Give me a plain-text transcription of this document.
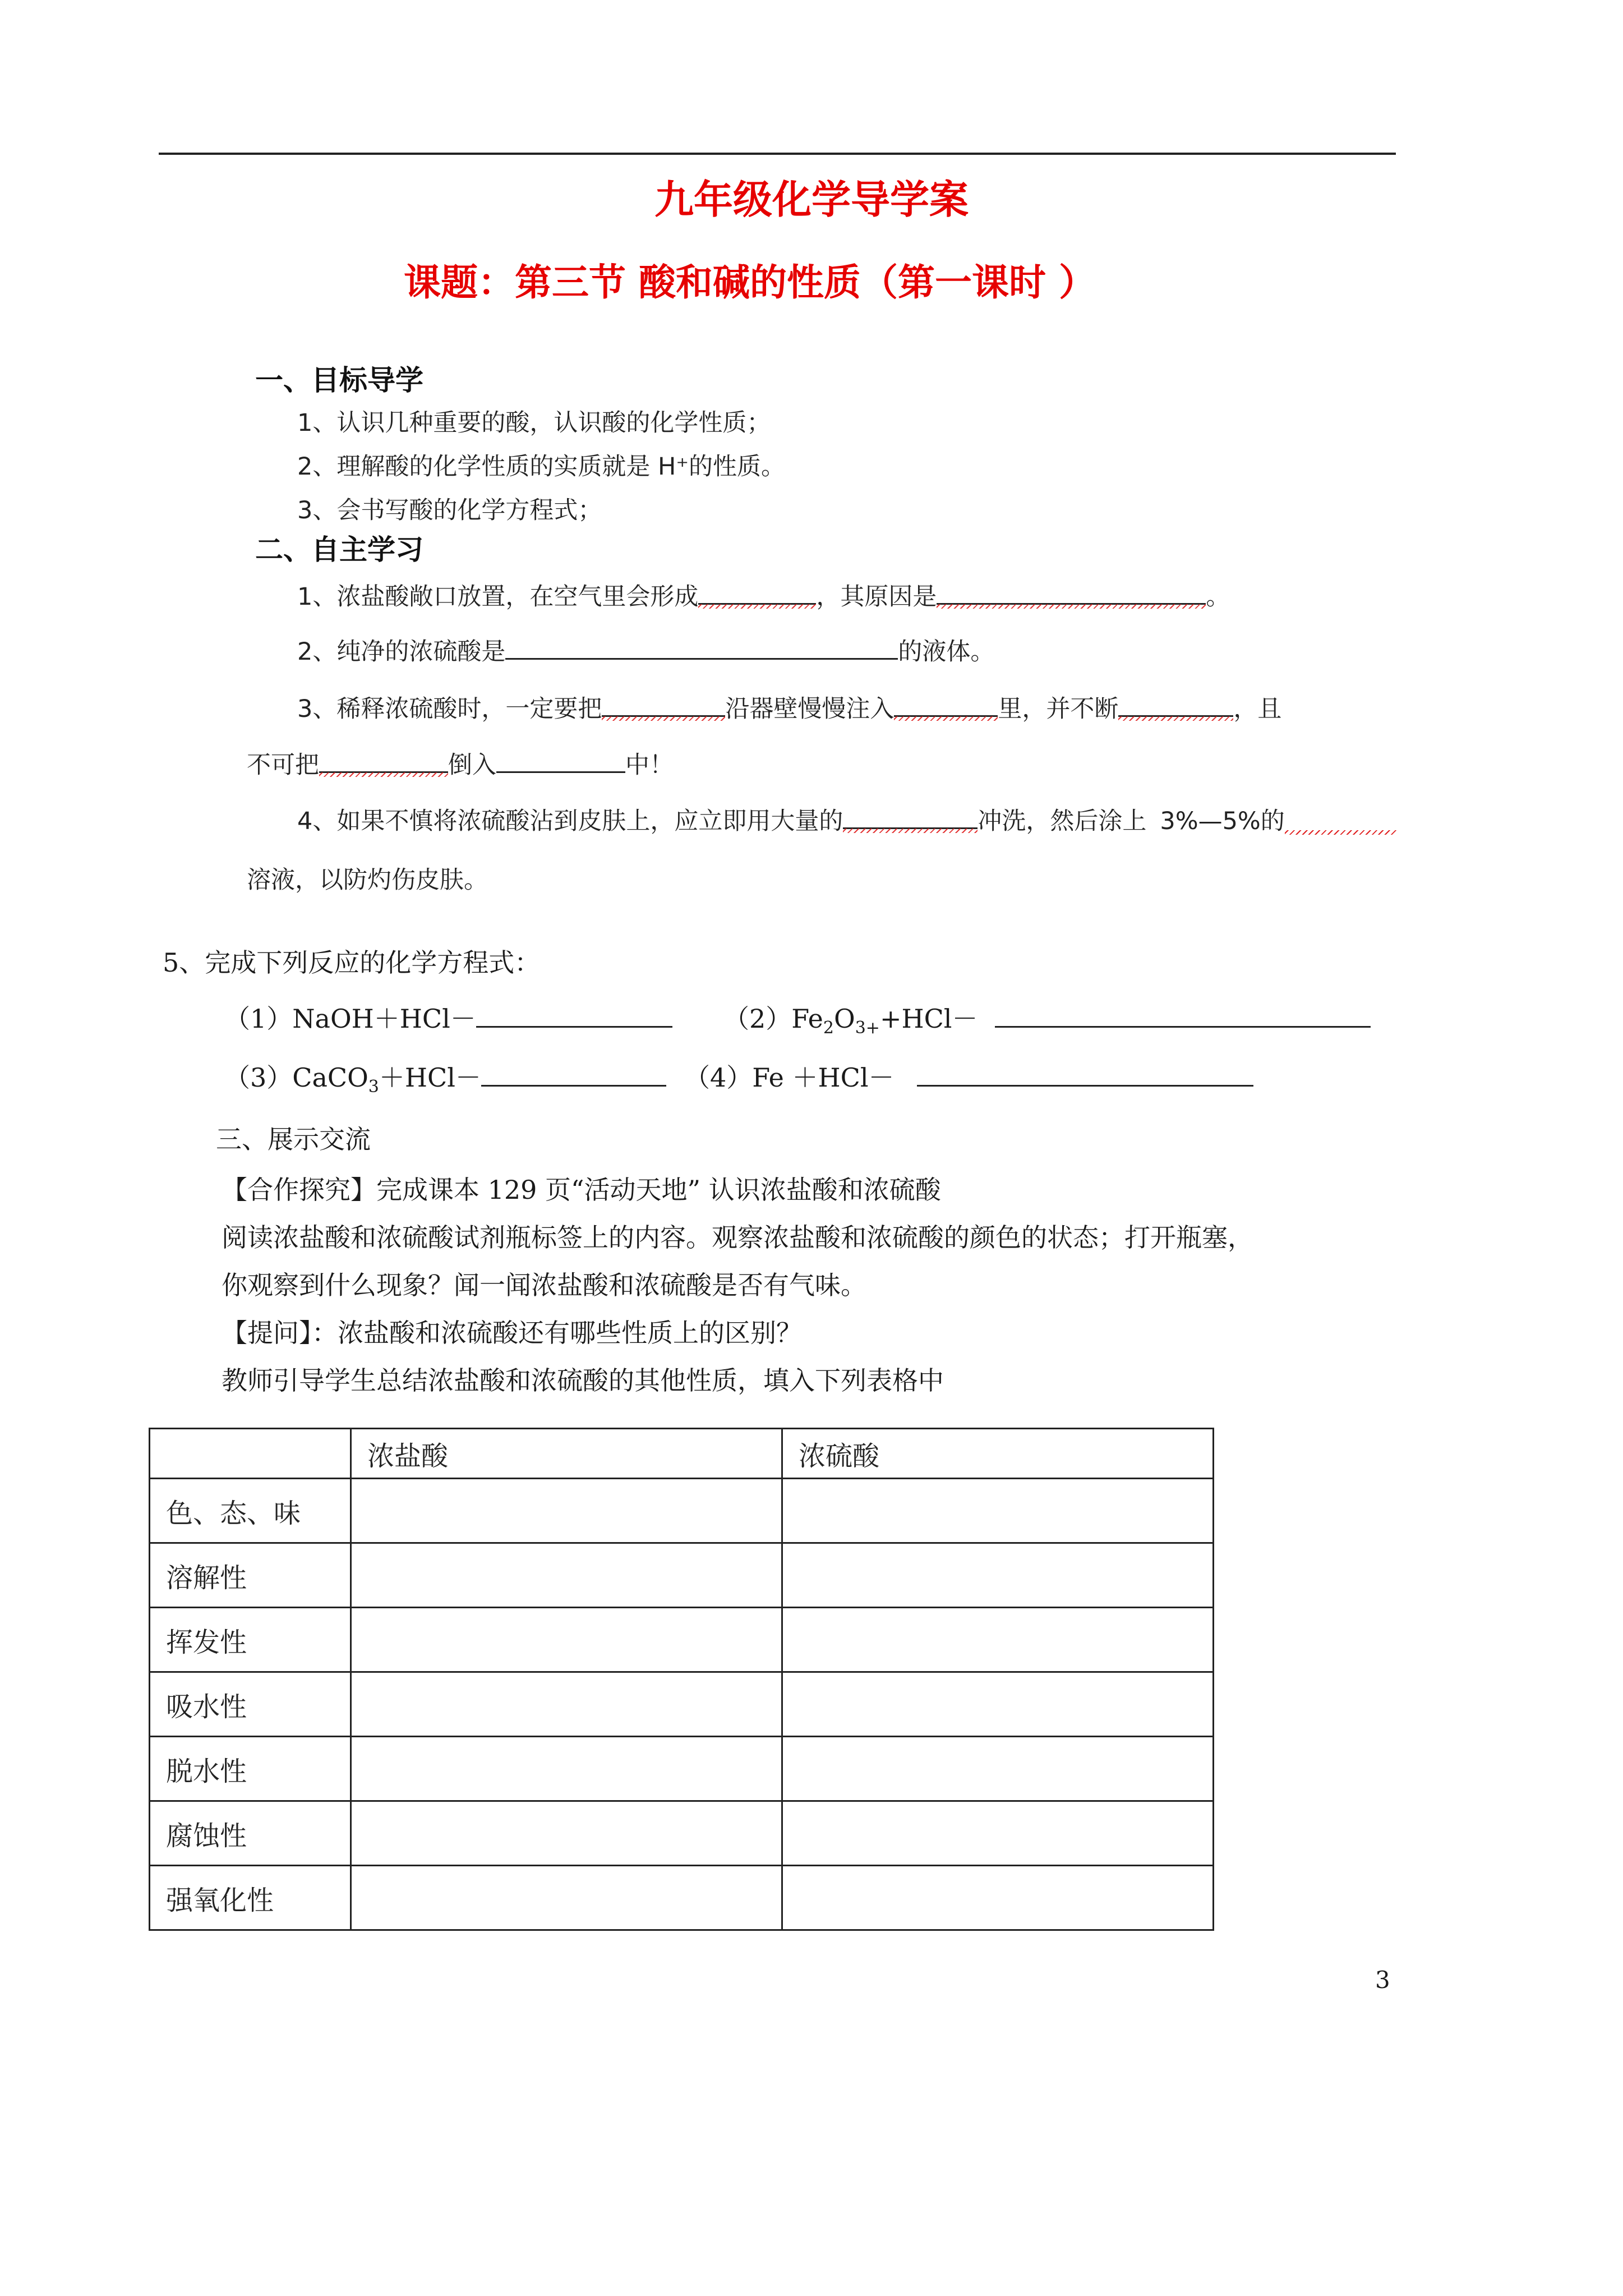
九年级化学导学案
课题：第三节 酸和碱的性质（第一课时 ）
一、目标导学
1、认识几种重要的酸，认识酸的化学性质；
2、理解酸的化学性质的实质就是 H⁺的性质。
3、会书写酸的化学方程式；
二、自主学习
1、浓盐酸敞口放置，在空气里会形成	，其原因是	。
2、纯净的浓硫酸是	的液体。
3、稀释浓硫酸时，一定要把	沿器壁慢慢注入	里，并不断	，且
不可把	倒入	中！
4、如果不慎将浓硫酸沾到皮肤上，应立即用大量的	冲洗，然后涂上 3%—5%的
溶液，以防灼伤皮肤。
5、完成下列反应的化学方程式：
（1）NaOH＋HCl－	$(2)Fe_2O_{3+}+HCl-$
（3）CaCO$_3$＋HCl－	（4）Fe ＋HCl－
三、展示交流
【合作探究】完成课本 129 页“活动天地” 认识浓盐酸和浓硫酸
阅读浓盐酸和浓硫酸试剂瓶标签上的内容。观察浓盐酸和浓硫酸的颜色的状态；打开瓶塞，
你观察到什么现象？闻一闻浓盐酸和浓硫酸是否有气味。
【提问】：浓盐酸和浓硫酸还有哪些性质上的区别？
教师引导学生总结浓盐酸和浓硫酸的其他性质，填入下列表格中
	浓盐酸	浓硫酸
色、态、味		
溶解性		
挥发性		
吸水性		
脱水性		
腐蚀性		
强氧化性		
3
